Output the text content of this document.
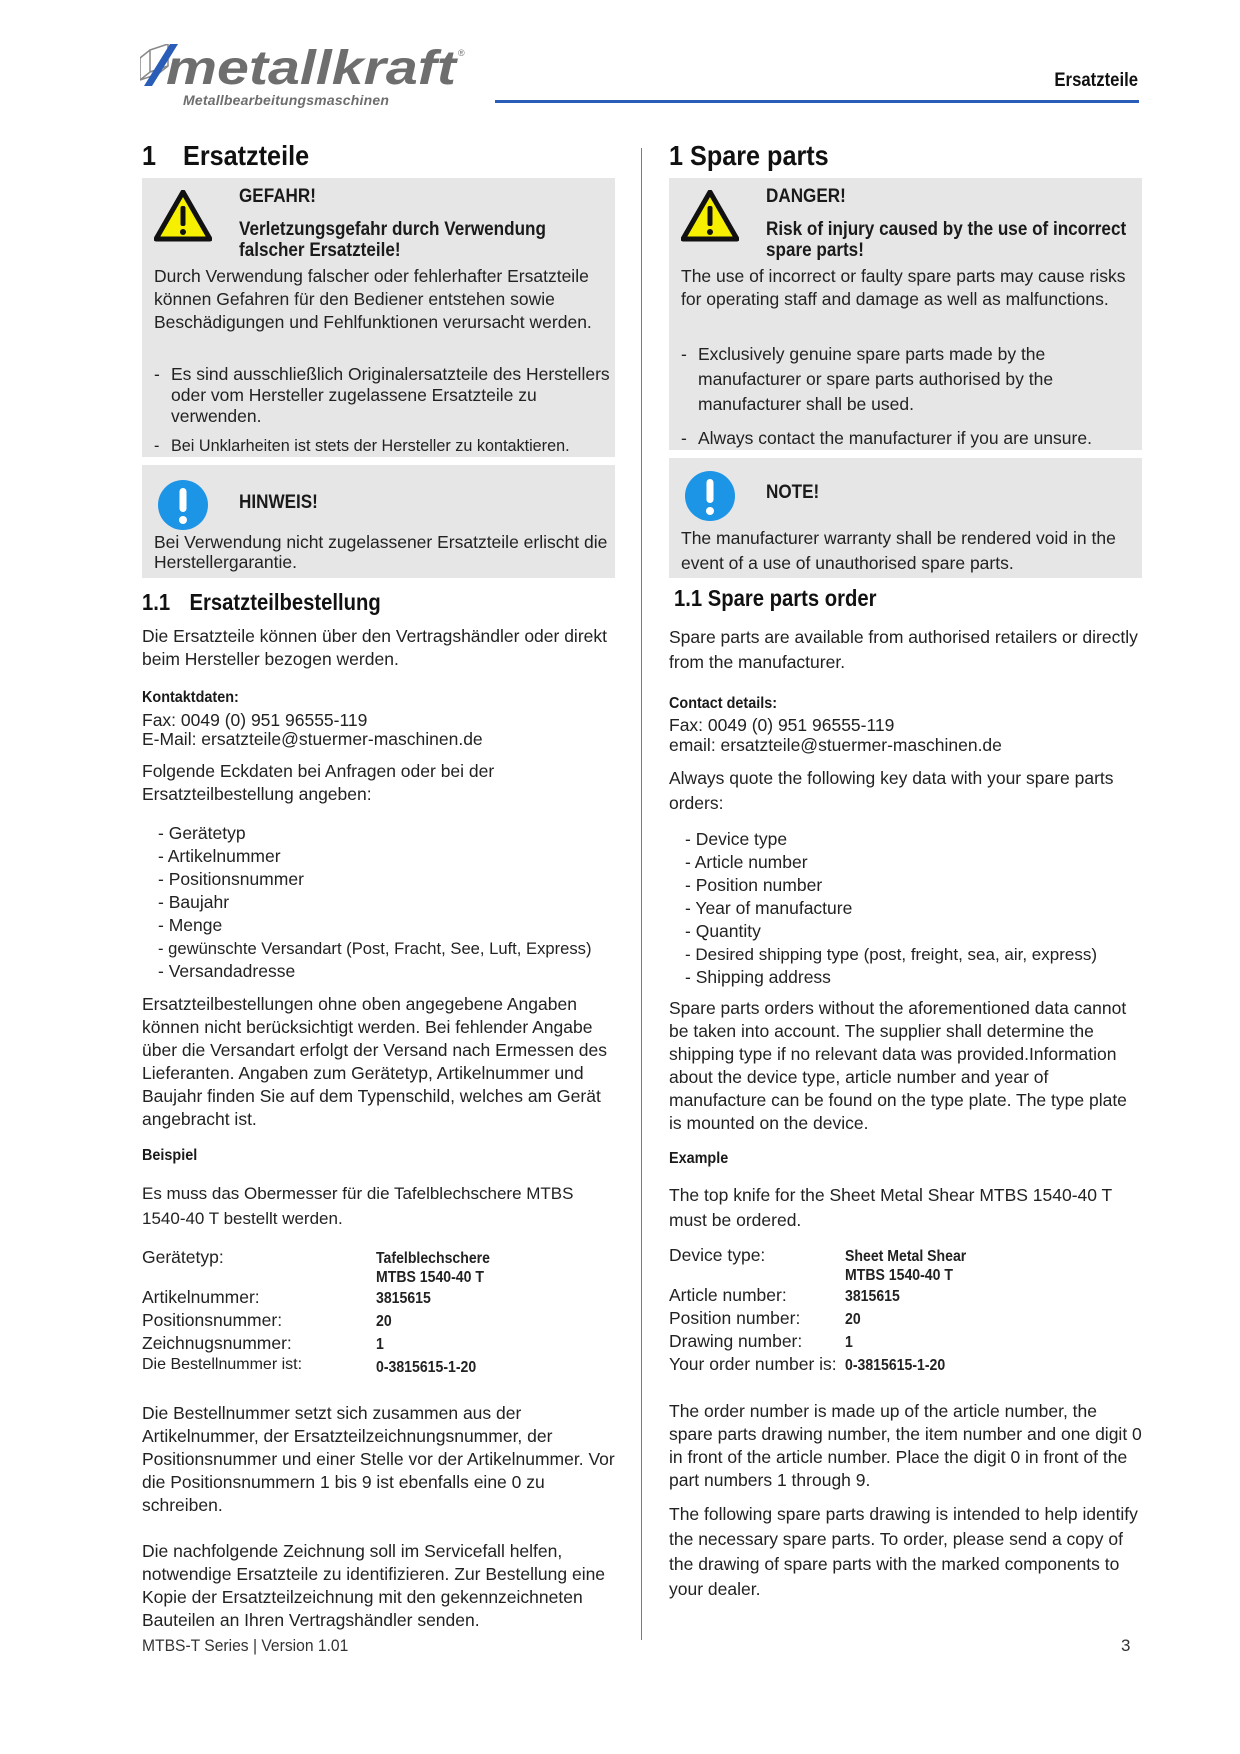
metallkraft ®
Metallbearbeitungsmaschinen
Ersatzteile
1 Ersatzteile
GEFAHR!
Verletzungsgefahr durch Verwendung falscher Ersatzteile!
Durch Verwendung falscher oder fehlerhafter Ersatzteile können Gefahren für den Bediener entstehen sowie Beschädigungen und Fehlfunktionen verursacht werden.
- Es sind ausschließlich Originalersatzteile des Herstellers oder vom Hersteller zugelassene Ersatzteile zu verwenden.
- Bei Unklarheiten ist stets der Hersteller zu kontaktieren.
HINWEIS!
Bei Verwendung nicht zugelassener Ersatzteile erlischt die Herstellergarantie.
1.1 Ersatzteilbestellung

Die Ersatzteile können über den Vertragshändler oder direkt beim Hersteller bezogen werden.

Kontaktdaten:

Fax: 0049 (0) 951 96555-119

E-Mail: ersatzteile@stuermer-maschinen.de

Folgende Eckdaten bei Anfragen oder bei der Ersatzteilbestellung angeben:

- Gerätetyp
- Artikelnummer
- Positionsnummer
- Baujahr
- Menge
- gewünschte Versandart (Post, Fracht, See, Luft, Express)
- Versandadresse

Ersatzteilbestellungen ohne oben angegebene Angaben können nicht berücksichtigt werden. Bei fehlender Angabe über die Versandart erfolgt der Versand nach Ermessen des Lieferanten. Angaben zum Gerätetyp, Artikelnummer und Baujahr finden Sie auf dem Typenschild, welches am Gerät angebracht ist.

Beispiel

Es muss das Obermesser für die Tafelblechschere MTBS 1540-40 T bestellt werden.

Gerätetyp:	Tafelblechschere
MTBS 1540-40 T
Artikelnummer:	3815615
Positionsnummer:	20
Zeichnugsnummer:	1
Die Bestellnummer ist:	0-3815615-1-20

Die Bestellnummer setzt sich zusammen aus der Artikelnummer, der Ersatzteilzeichnungsnummer, der Positionsnummer und einer Stelle vor der Artikelnummer. Vor die Positionsnummern 1 bis 9 ist ebenfalls eine 0 zu schreiben.

Die nachfolgende Zeichnung soll im Servicefall helfen, notwendige Ersatzteile zu identifizieren. Zur Bestellung eine Kopie der Ersatzteilzeichnung mit den gekennzeichneten Bauteilen an Ihren Vertragshändler senden.

1 Spare parts
DANGER!
Risk of injury caused by the use of incorrect spare parts!
The use of incorrect or faulty spare parts may cause risks for operating staff and damage as well as malfunctions.
- Exclusively genuine spare parts made by the manufacturer or spare parts authorised by the manufacturer shall be used.
- Always contact the manufacturer if you are unsure.
NOTE!
The manufacturer warranty shall be rendered void in the event of a use of unauthorised spare parts.
1.1 Spare parts order

Spare parts are available from authorised retailers or directly from the manufacturer.

Contact details:

Fax: 0049 (0) 951 96555-119

email: ersatzteile@stuermer-maschinen.de

Always quote the following key data with your spare parts orders:

- Device type
- Article number
- Position number
- Year of manufacture
- Quantity
- Desired shipping type (post, freight, sea, air, express)
- Shipping address

Spare parts orders without the aforementioned data cannot be taken into account. The supplier shall determine the shipping type if no relevant data was provided.Information about the device type, article number and year of manufacture can be found on the type plate. The type plate is mounted on the device.

Example

The top knife for the Sheet Metal Shear MTBS 1540-40 T must be ordered.

Device type:	Sheet Metal Shear
MTBS 1540-40 T
Article number:	3815615
Position number:	20
Drawing number:	1
Your order number is: 0-3815615-1-20

The order number is made up of the article number, the spare parts drawing number, the item number and one digit 0 in front of the article number. Place the digit 0 in front of the part numbers 1 through 9.

The following spare parts drawing is intended to help identify the necessary spare parts. To order, please send a copy of the drawing of spare parts with the marked components to your dealer.

MTBS-T Series | Version 1.01	3
